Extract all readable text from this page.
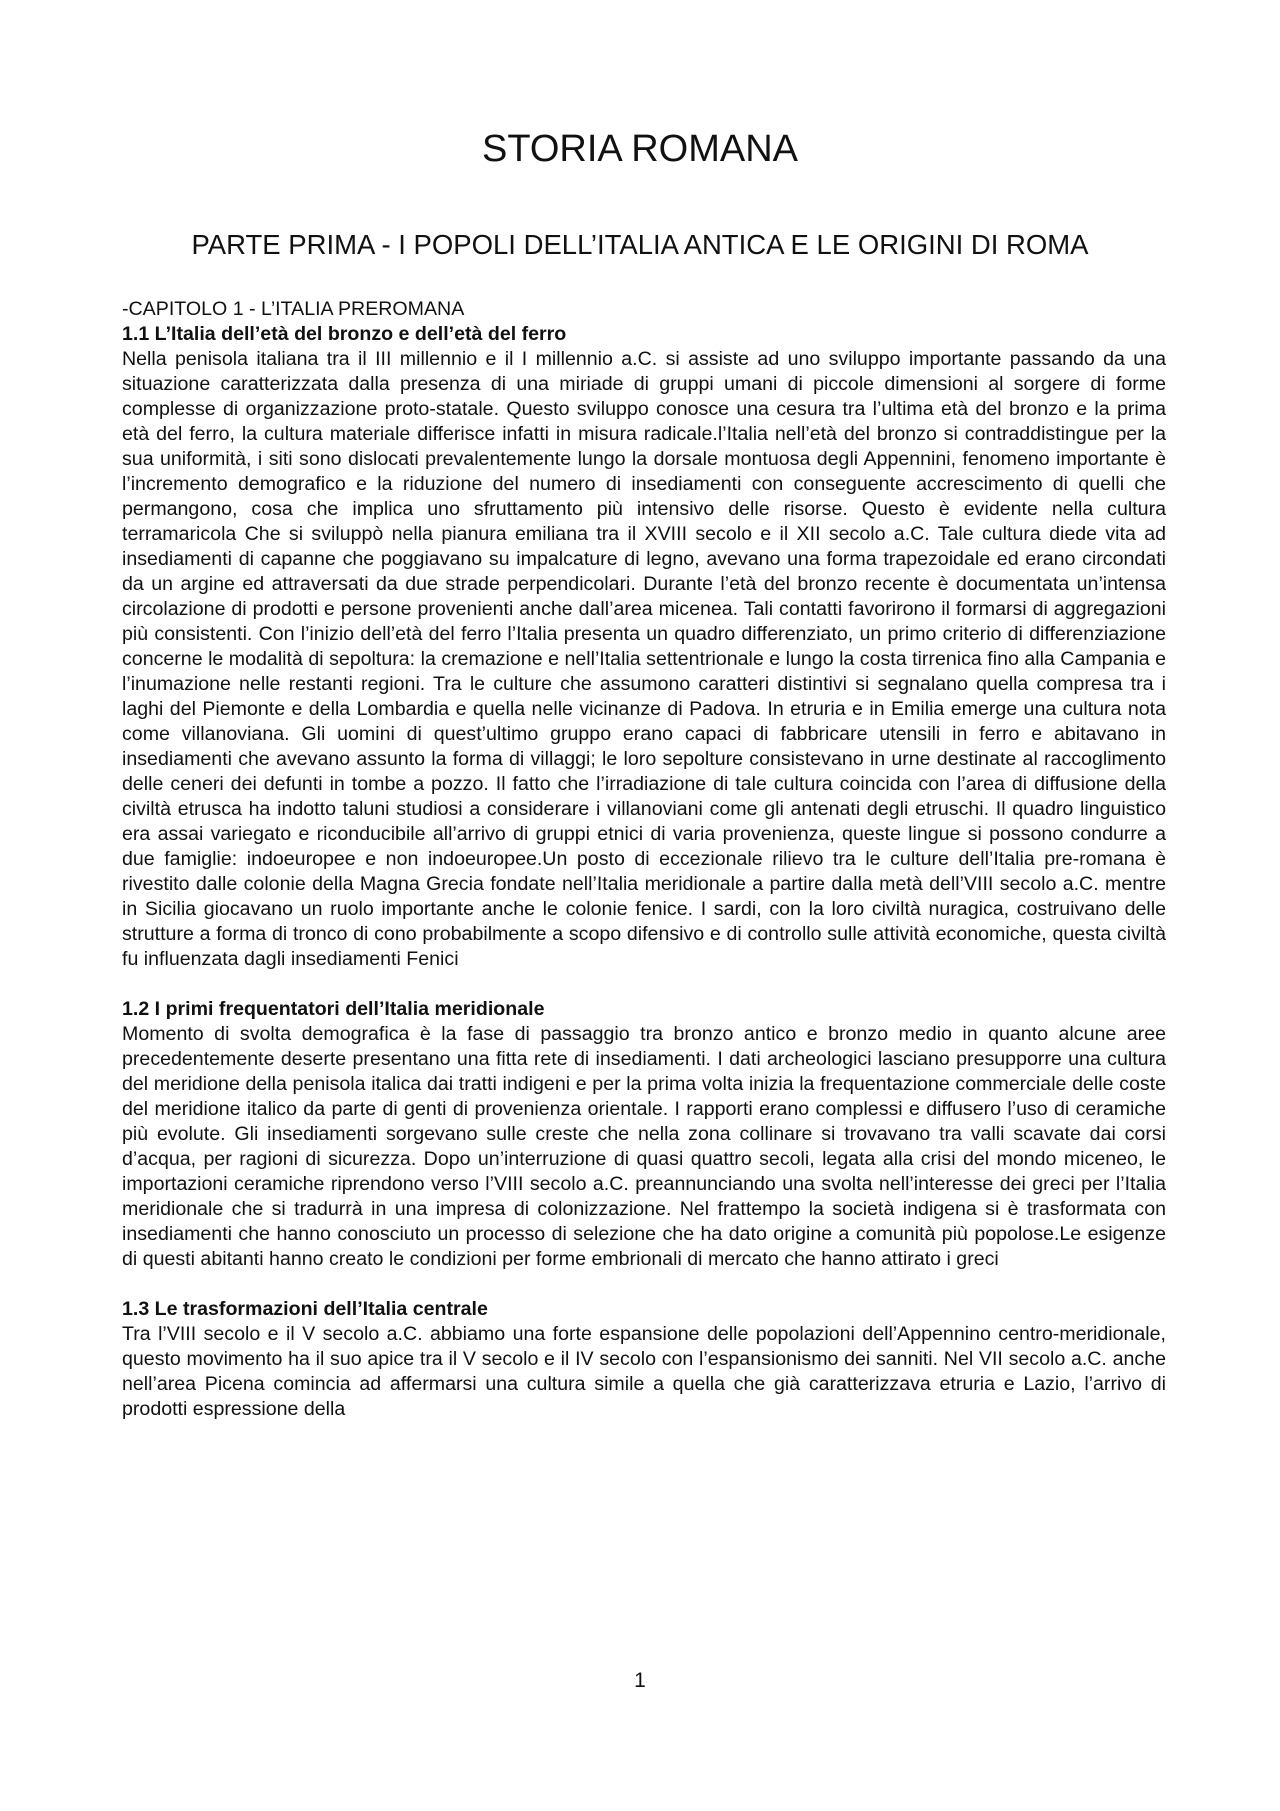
STORIA ROMANA
PARTE PRIMA - I POPOLI DELL’ITALIA ANTICA E LE ORIGINI DI ROMA
-CAPITOLO 1 - L’ITALIA PREROMANA
1.1 L’Italia dell’età del bronzo e dell’età del ferro

Nella penisola italiana tra il III millennio e il I millennio a.C. si assiste ad uno sviluppo importante passando da una situazione caratterizzata dalla presenza di una miriade di gruppi umani di piccole dimensioni al sorgere di forme complesse di organizzazione proto-statale. Questo sviluppo conosce una cesura tra l’ultima età del bronzo e la prima età del ferro, la cultura materiale differisce infatti in misura radicale.l’Italia nell’età del bronzo si contraddistingue per la sua uniformità, i siti sono dislocati prevalentemente lungo la dorsale montuosa degli Appennini, fenomeno importante è l’incremento demografico e la riduzione del numero di insediamenti con conseguente accrescimento di quelli che permangono, cosa che implica uno sfruttamento più intensivo delle risorse. Questo è evidente nella cultura terramaricola Che si sviluppò nella pianura emiliana tra il XVIII secolo e il XII secolo a.C. Tale cultura diede vita ad insediamenti di capanne che poggiavano su impalcature di legno, avevano una forma trapezoidale ed erano circondati da un argine ed attraversati da due strade perpendicolari. Durante l’età del bronzo recente è documentata un’intensa circolazione di prodotti e persone provenienti anche dall’area micenea. Tali contatti favorirono il formarsi di aggregazioni più consistenti. Con l’inizio dell’età del ferro l’Italia presenta un quadro differenziato, un primo criterio di differenziazione concerne le modalità di sepoltura: la cremazione e nell’Italia settentrionale e lungo la costa tirrenica fino alla Campania e l’inumazione nelle restanti regioni. Tra le culture che assumono caratteri distintivi si segnalano quella compresa tra i laghi del Piemonte e della Lombardia e quella nelle vicinanze di Padova. In etruria e in Emilia emerge una cultura nota come villanoviana. Gli uomini di quest’ultimo gruppo erano capaci di fabbricare utensili in ferro e abitavano in insediamenti che avevano assunto la forma di villaggi; le loro sepolture consistevano in urne destinate al raccoglimento delle ceneri dei defunti in tombe a pozzo. Il fatto che l’irradiazione di tale cultura coincida con l’area di diffusione della civiltà etrusca ha indotto taluni studiosi a considerare i villanoviani come gli antenati degli etruschi. Il quadro linguistico era assai variegato e riconducibile all’arrivo di gruppi etnici di varia provenienza, queste lingue si possono condurre a due famiglie: indoeuropee e non indoeuropee.Un posto di eccezionale rilievo tra le culture dell’Italia pre-romana è rivestito dalle colonie della Magna Grecia fondate nell’Italia meridionale a partire dalla metà dell’VIII secolo a.C. mentre in Sicilia giocavano un ruolo importante anche le colonie fenice. I sardi, con la loro civiltà nuragica, costruivano delle strutture a forma di tronco di cono probabilmente a scopo difensivo e di controllo sulle attività economiche, questa civiltà fu influenzata dagli insediamenti Fenici

1.2 I primi frequentatori dell’Italia meridionale

Momento di svolta demografica è la fase di passaggio tra bronzo antico e bronzo medio in quanto alcune aree precedentemente deserte presentano una fitta rete di insediamenti. I dati archeologici lasciano presupporre una cultura del meridione della penisola italica dai tratti indigeni e per la prima volta inizia la frequentazione commerciale delle coste del meridione italico da parte di genti di provenienza orientale. I rapporti erano complessi e diffusero l’uso di ceramiche più evolute. Gli insediamenti sorgevano sulle creste che nella zona collinare si trovavano tra valli scavate dai corsi d’acqua, per ragioni di sicurezza. Dopo un’interruzione di quasi quattro secoli, legata alla crisi del mondo miceneo, le importazioni ceramiche riprendono verso l’VIII secolo a.C. preannunciando una svolta nell’interesse dei greci per l’Italia meridionale che si tradurrà in una impresa di colonizzazione. Nel frattempo la società indigena si è trasformata con insediamenti che hanno conosciuto un processo di selezione che ha dato origine a comunità più popolose.Le esigenze di questi abitanti hanno creato le condizioni per forme embrionali di mercato che hanno attirato i greci

1.3 Le trasformazioni dell’Italia centrale

Tra l’VIII secolo e il V secolo a.C. abbiamo una forte espansione delle popolazioni dell’Appennino centro-meridionale, questo movimento ha il suo apice tra il V secolo e il IV secolo con l’espansionismo dei sanniti. Nel VII secolo a.C. anche nell’area Picena comincia ad affermarsi una cultura simile a quella che già caratterizzava etruria e Lazio, l’arrivo di prodotti espressione della

1
